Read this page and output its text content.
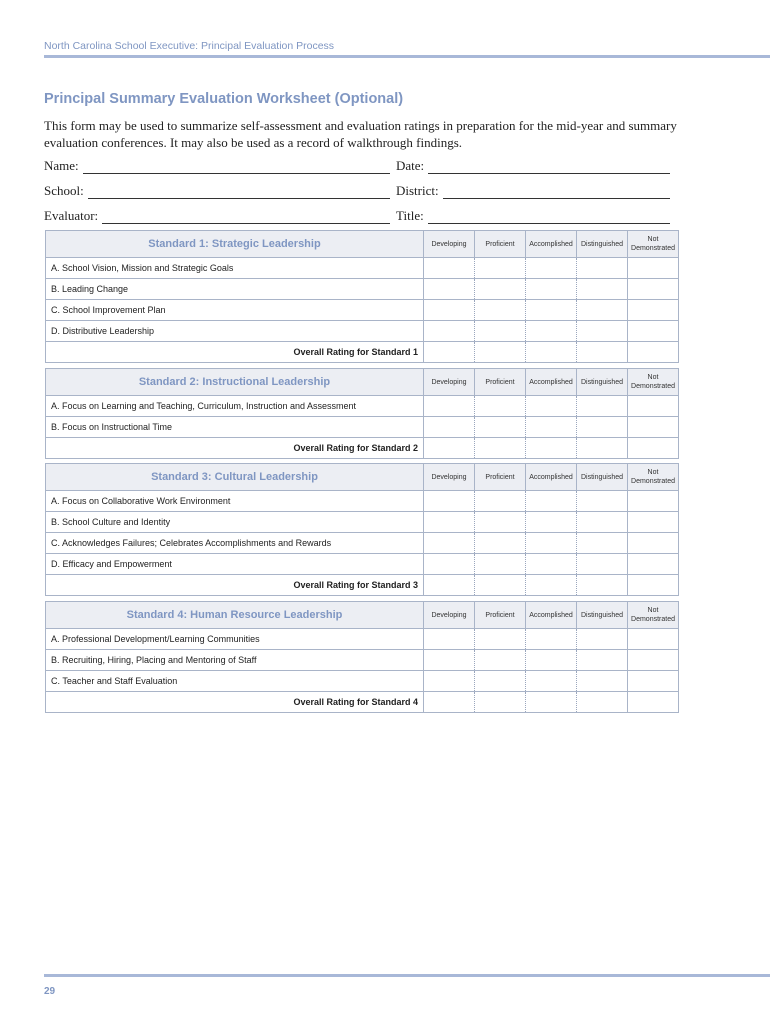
North Carolina School Executive: Principal Evaluation Process
Principal Summary Evaluation Worksheet (Optional)
This form may be used to summarize self-assessment and evaluation ratings in preparation for the mid-year and summary evaluation conferences. It may also be used as a record of walkthrough findings.
Name:	Date:
School:	District:
Evaluator:	Title:
Standard 1: Strategic Leadership	Developing	Proficient	Accomplished	Distinguished	Not
Demonstrated
A. School Vision, Mission and Strategic Goals					
B. Leading Change					
C. School Improvement Plan					
D. Distributive Leadership					
Overall Rating for Standard 1					
Standard 2: Instructional Leadership	Developing	Proficient	Accomplished	Distinguished	Not
Demonstrated
A. Focus on Learning and Teaching, Curriculum, Instruction and Assessment					
B. Focus on Instructional Time					
Overall Rating for Standard 2					
Standard 3: Cultural Leadership	Developing	Proficient	Accomplished	Distinguished	Not
Demonstrated
A. Focus on Collaborative Work Environment					
B. School Culture and Identity					
C. Acknowledges Failures; Celebrates Accomplishments and Rewards					
D. Efficacy and Empowerment					
Overall Rating for Standard 3					
Standard 4: Human Resource Leadership	Developing	Proficient	Accomplished	Distinguished	Not
Demonstrated
A. Professional Development/Learning Communities					
B. Recruiting, Hiring, Placing and Mentoring of Staff					
C. Teacher and Staff Evaluation					
Overall Rating for Standard 4					
29
